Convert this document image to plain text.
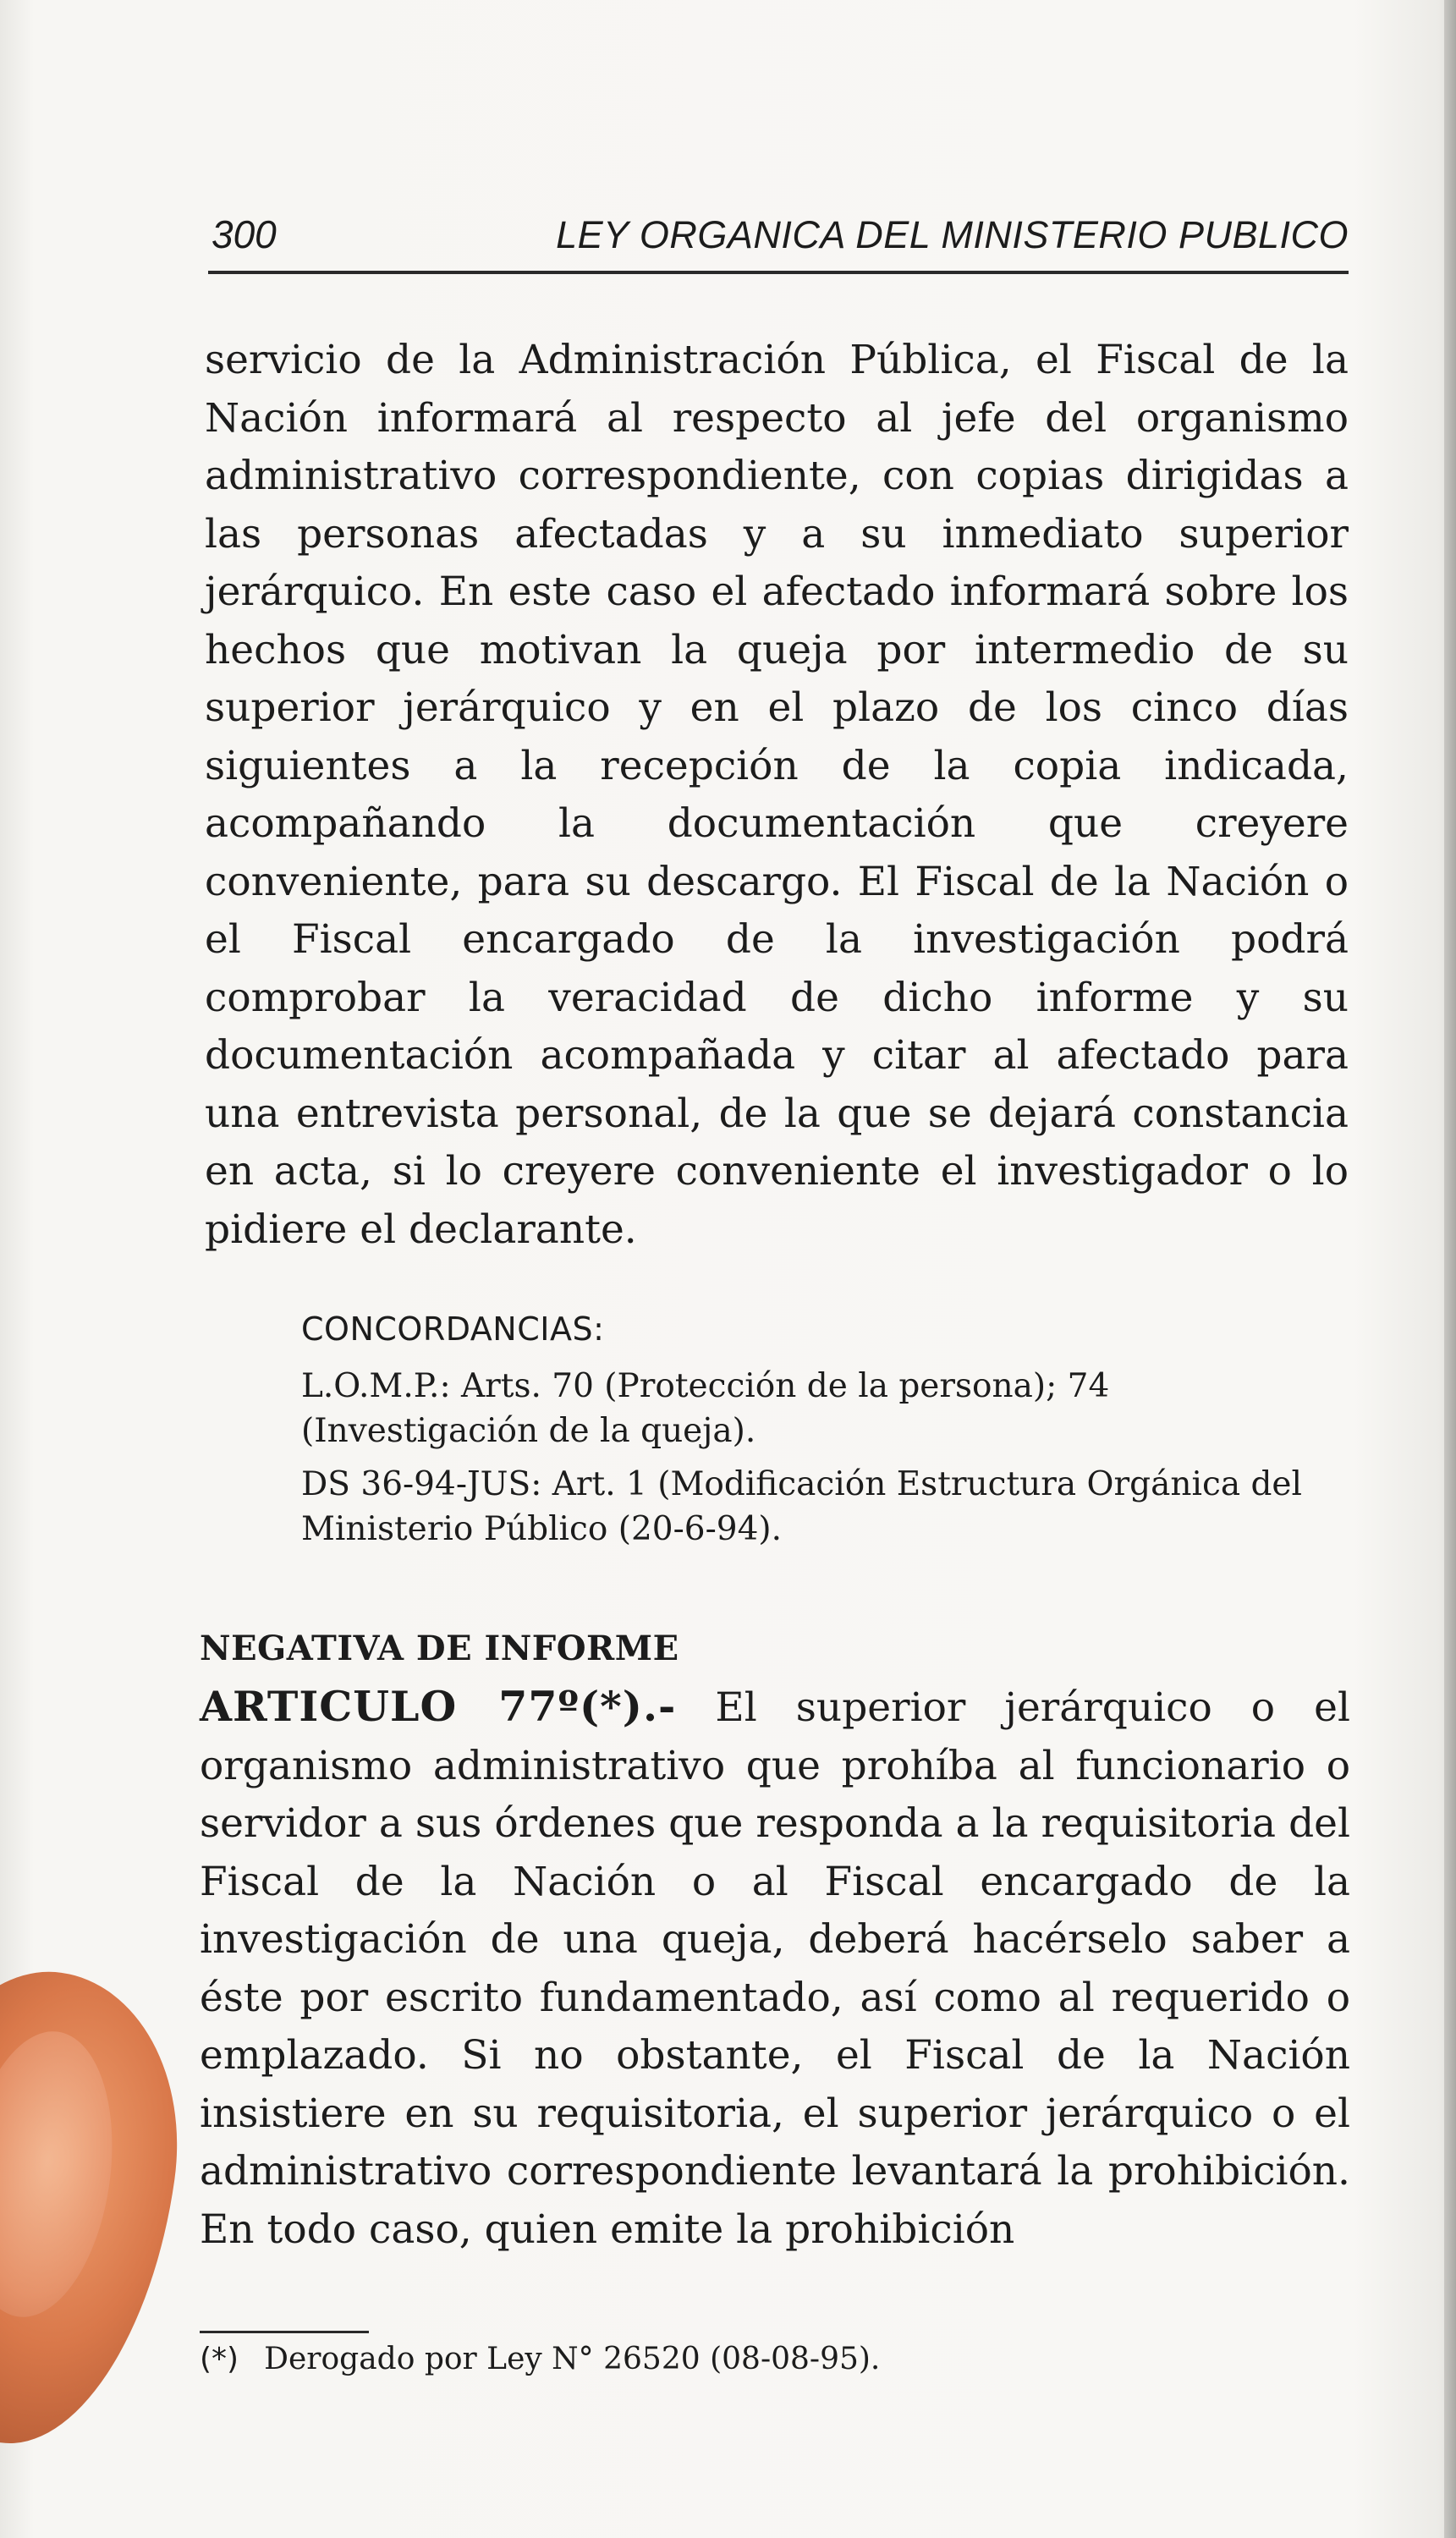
300	LEY ORGANICA DEL MINISTERIO PUBLICO

servicio de la Administración Pública, el Fiscal de la Nación informará al respecto al jefe del organismo administrativo correspondiente, con copias dirigidas a las personas afectadas y a su inmediato superior jerárquico. En este caso el afectado informará sobre los hechos que motivan la queja por intermedio de su superior jerárquico y en el plazo de los cinco días siguientes a la recepción de la copia indicada, acompañando la documentación que creyere conveniente, para su descargo. El Fiscal de la Nación o el Fiscal encargado de la investigación podrá comprobar la veracidad de dicho informe y su documentación acompañada y citar al afectado para una entrevista personal, de la que se dejará constancia en acta, si lo creyere conveniente el investigador o lo pidiere el declarante.

CONCORDANCIAS:

L.O.M.P.: Arts. 70 (Protección de la persona); 74 (Investigación de la queja).

DS 36-94-JUS: Art. 1 (Modificación Estructura Orgánica del Ministerio Público (20-6-94).

NEGATIVA DE INFORME

ARTICULO 77º(*).- El superior jerárquico o el organismo administrativo que prohíba al funcionario o servidor a sus órdenes que responda a la requisitoria del Fiscal de la Nación o al Fiscal encargado de la investigación de una queja, deberá hacérselo saber a éste por escrito fundamentado, así como al requerido o emplazado. Si no obstante, el Fiscal de la Nación insistiere en su requisitoria, el superior jerárquico o el administrativo correspondiente levantará la prohibición. En todo caso, quien emite la prohibición

(*) Derogado por Ley N° 26520 (08-08-95).
